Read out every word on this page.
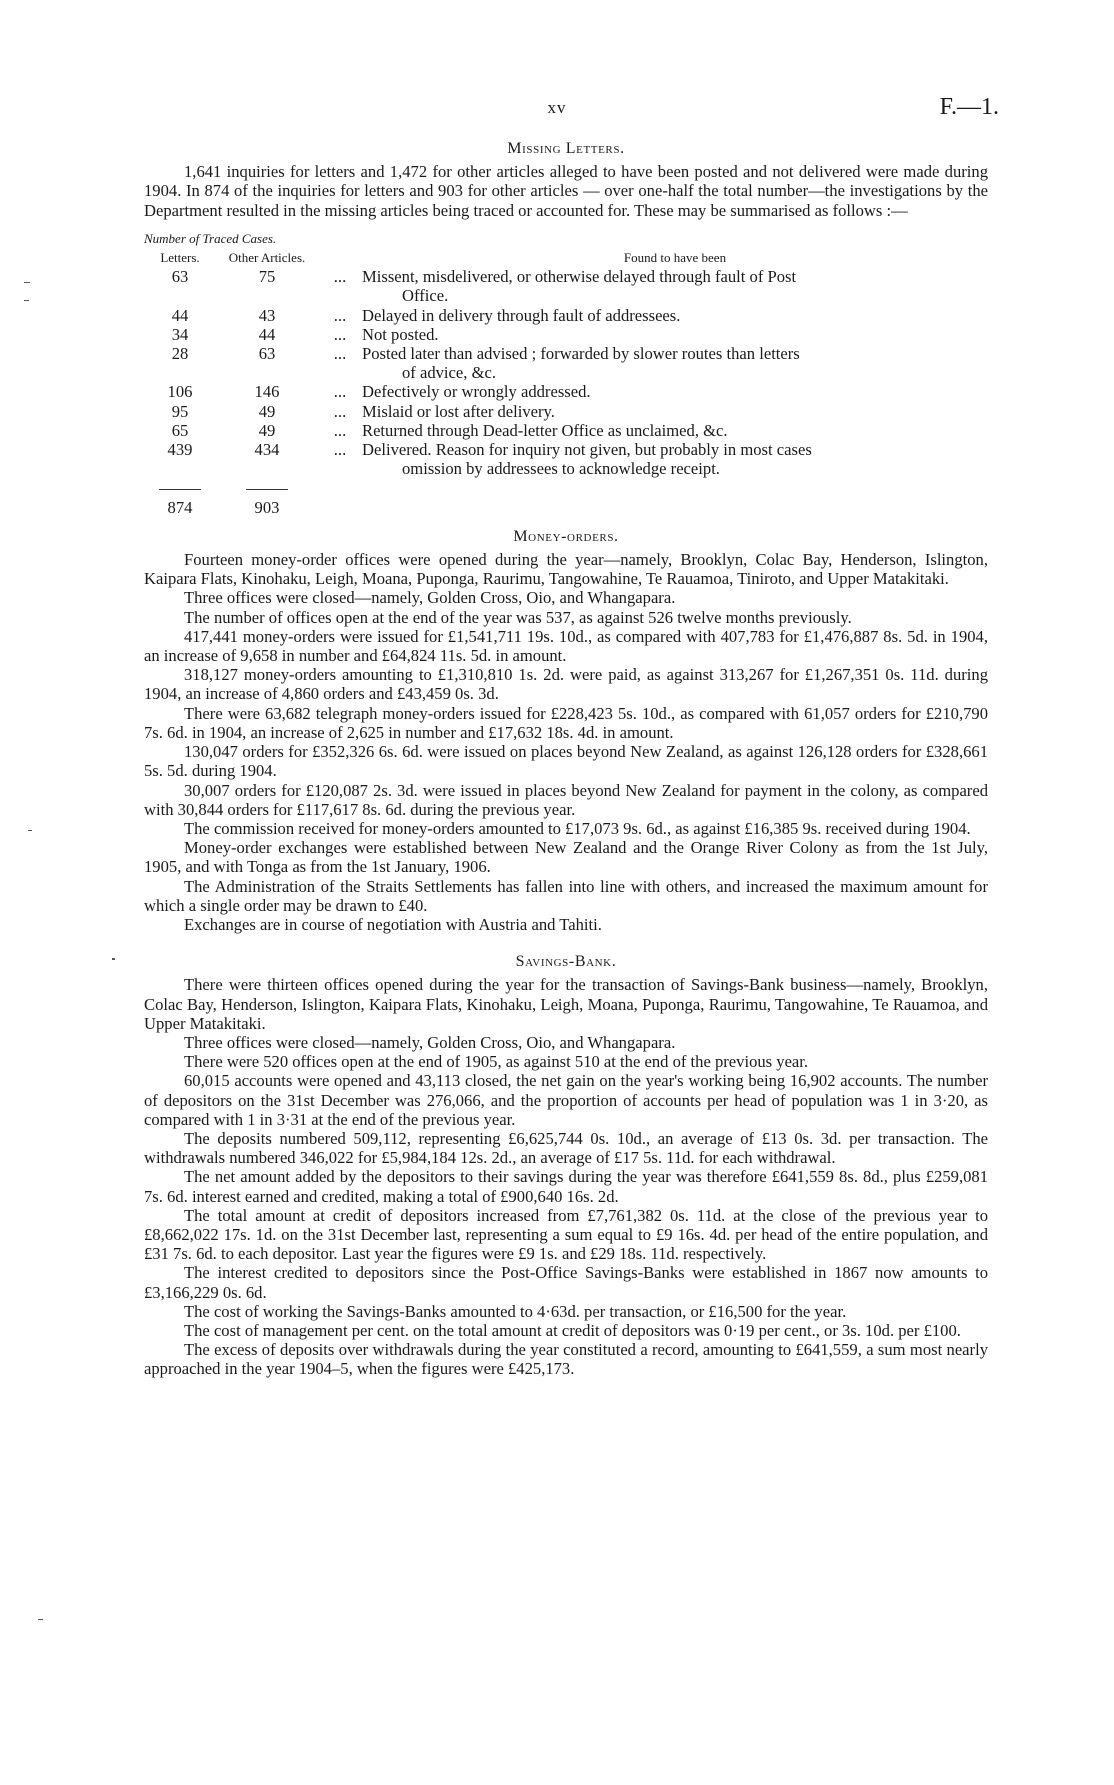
xv	F.—1.
Missing Letters.

1,641 inquiries for letters and 1,472 for other articles alleged to have been posted and not delivered were made during 1904. In 874 of the inquiries for letters and 903 for other articles — over one-half the total number—the investigations by the Department resulted in the missing articles being traced or accounted for. These may be summarised as follows :—

Number of Traced Cases.			
Letters.	Other Articles.		Found to have been
63	75	...	Missent, misdelivered, or otherwise delayed through fault of Post
Office.

44	43	...	Delayed in delivery through fault of addressees.
34	44	...	Not posted.
28	63	...	Posted later than advised ; forwarded by slower routes than letters
of advice, &c.

106	146	...	Defectively or wrongly addressed.
95	49	...	Mislaid or lost after delivery.
65	49	...	Returned through Dead-letter Office as unclaimed, &c.
439	434	...	Delivered. Reason for inquiry not given, but probably in most cases
omission by addressees to acknowledge receipt.

874	903		
Money-orders.

Fourteen money-order offices were opened during the year—namely, Brooklyn, Colac Bay, Henderson, Islington, Kaipara Flats, Kinohaku, Leigh, Moana, Puponga, Raurimu, Tangowahine, Te Rauamoa, Tiniroto, and Upper Matakitaki.

Three offices were closed—namely, Golden Cross, Oio, and Whangapara.

The number of offices open at the end of the year was 537, as against 526 twelve months previously.

417,441 money-orders were issued for £1,541,711 19s. 10d., as compared with 407,783 for £1,476,887 8s. 5d. in 1904, an increase of 9,658 in number and £64,824 11s. 5d. in amount.

318,127 money-orders amounting to £1,310,810 1s. 2d. were paid, as against 313,267 for £1,267,351 0s. 11d. during 1904, an increase of 4,860 orders and £43,459 0s. 3d.

There were 63,682 telegraph money-orders issued for £228,423 5s. 10d., as compared with 61,057 orders for £210,790 7s. 6d. in 1904, an increase of 2,625 in number and £17,632 18s. 4d. in amount.

130,047 orders for £352,326 6s. 6d. were issued on places beyond New Zealand, as against 126,128 orders for £328,661 5s. 5d. during 1904.

30,007 orders for £120,087 2s. 3d. were issued in places beyond New Zealand for payment in the colony, as compared with 30,844 orders for £117,617 8s. 6d. during the previous year.

The commission received for money-orders amounted to £17,073 9s. 6d., as against £16,385 9s. received during 1904.

Money-order exchanges were established between New Zealand and the Orange River Colony as from the 1st July, 1905, and with Tonga as from the 1st January, 1906.

The Administration of the Straits Settlements has fallen into line with others, and increased the maximum amount for which a single order may be drawn to £40.

Exchanges are in course of negotiation with Austria and Tahiti.

Savings-Bank.

There were thirteen offices opened during the year for the transaction of Savings-Bank business—namely, Brooklyn, Colac Bay, Henderson, Islington, Kaipara Flats, Kinohaku, Leigh, Moana, Puponga, Raurimu, Tangowahine, Te Rauamoa, and Upper Matakitaki.

Three offices were closed—namely, Golden Cross, Oio, and Whangapara.

There were 520 offices open at the end of 1905, as against 510 at the end of the previous year.

60,015 accounts were opened and 43,113 closed, the net gain on the year's working being 16,902 accounts. The number of depositors on the 31st December was 276,066, and the proportion of accounts per head of population was 1 in 3·20, as compared with 1 in 3·31 at the end of the previous year.

The deposits numbered 509,112, representing £6,625,744 0s. 10d., an average of £13 0s. 3d. per transaction. The withdrawals numbered 346,022 for £5,984,184 12s. 2d., an average of £17 5s. 11d. for each withdrawal.

The net amount added by the depositors to their savings during the year was therefore £641,559 8s. 8d., plus £259,081 7s. 6d. interest earned and credited, making a total of £900,640 16s. 2d.

The total amount at credit of depositors increased from £7,761,382 0s. 11d. at the close of the previous year to £8,662,022 17s. 1d. on the 31st December last, representing a sum equal to £9 16s. 4d. per head of the entire population, and £31 7s. 6d. to each depositor. Last year the figures were £9 1s. and £29 18s. 11d. respectively.

The interest credited to depositors since the Post-Office Savings-Banks were established in 1867 now amounts to £3,166,229 0s. 6d.

The cost of working the Savings-Banks amounted to 4·63d. per transaction, or £16,500 for the year.

The cost of management per cent. on the total amount at credit of depositors was 0·19 per cent., or 3s. 10d. per £100.

The excess of deposits over withdrawals during the year constituted a record, amounting to £641,559, a sum most nearly approached in the year 1904–5, when the figures were £425,173.
